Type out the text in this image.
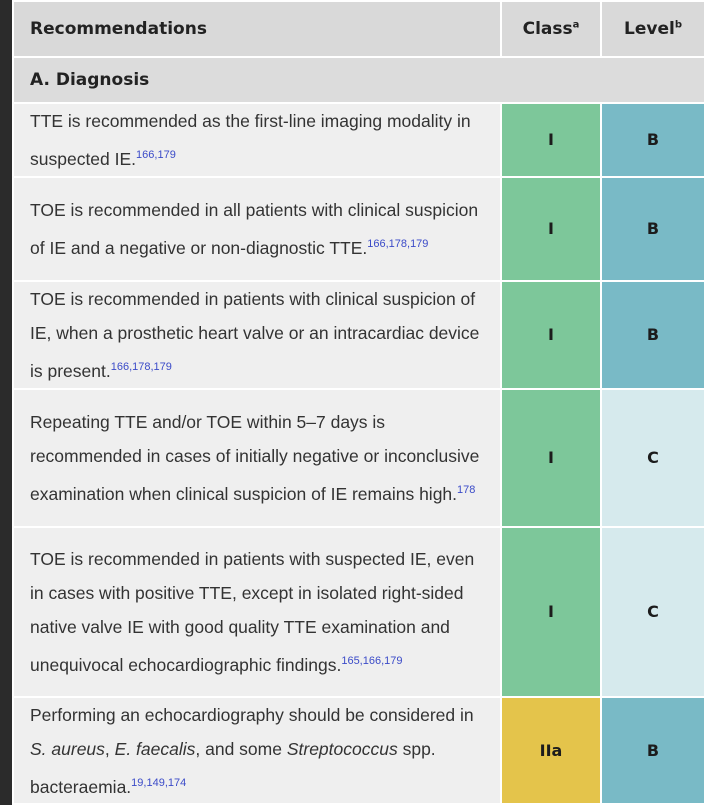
Recommendations	Class$^a$	Level$^b$
A. Diagnosis		
TTE is recommended as the first-line imaging modality in suspected IE.$^{166,179}$	I	B
TOE is recommended in all patients with clinical suspicion of IE and a negative or non-diagnostic TTE.$^{166,178,179}$	I	B
TOE is recommended in patients with clinical suspicion of IE, when a prosthetic heart valve or an intracardiac device is present.$^{166,178,179}$	I	B
Repeating TTE and/or TOE within 5–7 days is recommended in cases of initially negative or inconclusive examination when clinical suspicion of IE remains high.$^{178}$	I	C
TOE is recommended in patients with suspected IE, even in cases with positive TTE, except in isolated right-sided native valve IE with good quality TTE examination and unequivocal echocardiographic findings.$^{165,166,179}$	I	C
Performing an echocardiography should be considered in S. aureus, E. faecalis, and some Streptococcus spp. bacteraemia.$^{19,149,174}$	IIa	B
